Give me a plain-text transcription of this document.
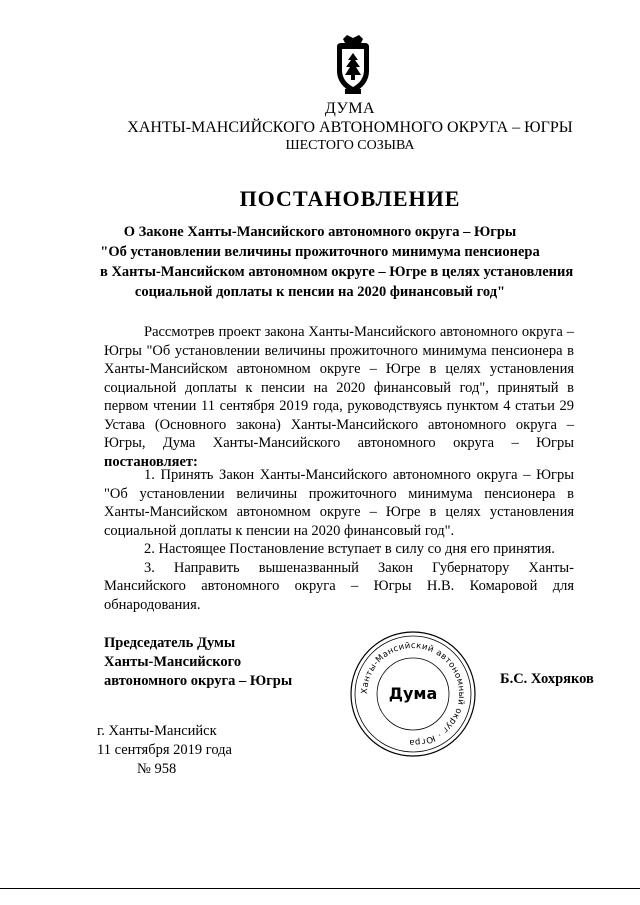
ДУМА
ХАНТЫ-МАНСИЙСКОГО АВТОНОМНОГО ОКРУГА – ЮГРЫ
ШЕСТОГО СОЗЫВА
ПОСТАНОВЛЕНИЕ
О Законе Ханты-Мансийского автономного округа – Югры
"Об установлении величины прожиточного минимума пенсионера
в Ханты-Мансийском автономном округе – Югре в целях установления
социальной доплаты к пенсии на 2020 финансовый год"

Рассмотрев проект закона Ханты-Мансийского автономного округа – Югры "Об установлении величины прожиточного минимума пенсионера в Ханты-Мансийском автономном округе – Югре в целях установления социальной доплаты к пенсии на 2020 финансовый год", принятый в первом чтении 11 сентября 2019 года, руководствуясь пунктом 4 статьи 29 Устава (Основного закона) Ханты-Мансийского автономного округа – Югры, Дума Ханты-Мансийского автономного округа – Югры постановляет:

1. Принять Закон Ханты-Мансийского автономного округа – Югры "Об установлении величины прожиточного минимума пенсионера в Ханты-Мансийском автономном округе – Югре в целях установления социальной доплаты к пенсии на 2020 финансовый год".

2. Настоящее Постановление вступает в силу со дня его принятия.

3. Направить вышеназванный Закон Губернатору Ханты-Мансийского автономного округа – Югры Н.В. Комаровой для обнародования.

Председатель Думы
Ханты-Мансийского
автономного округа – Югры
Ханты-Мансийский автономный округ · Югра
Дума
Б.С. Хохряков
г. Ханты-Мансийск
11 сентября 2019 года
№ 958
